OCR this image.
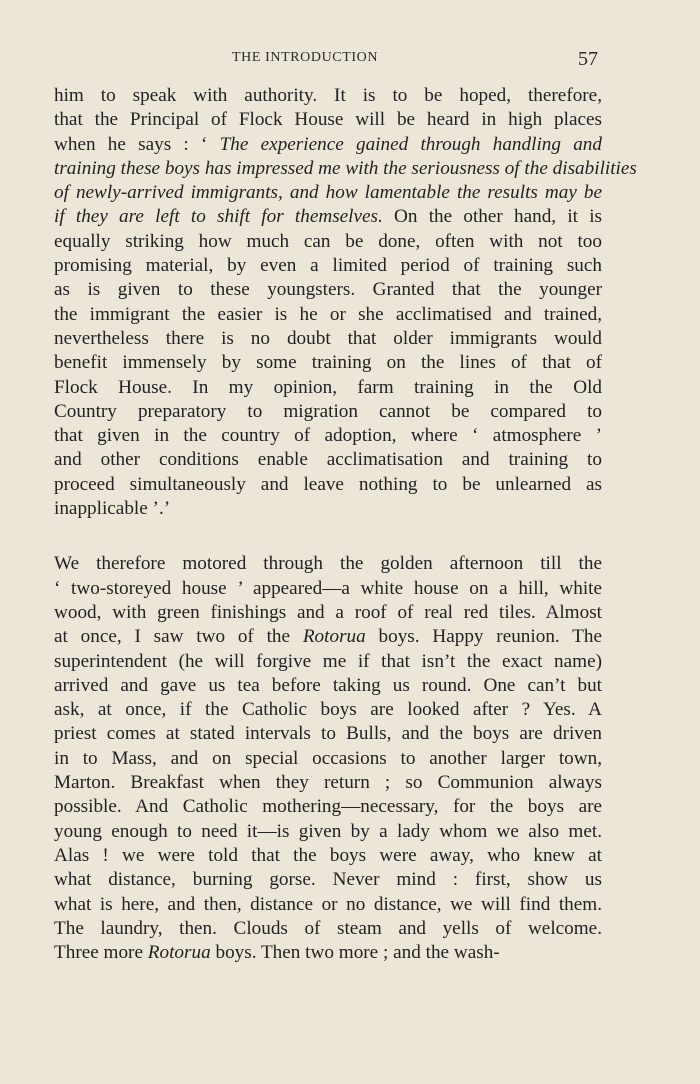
THE INTRODUCTION	57
him to speak with authority. It is to be hoped, therefore,
that the Principal of Flock House will be heard in high places
when he says : ‘ The experience gained through handling and
training these boys has impressed me with the seriousness of the disabilities
of newly-arrived immigrants, and how lamentable the results may be
if they are left to shift for themselves. On the other hand, it is
equally striking how much can be done, often with not too
promising material, by even a limited period of training such
as is given to these youngsters. Granted that the younger
the immigrant the easier is he or she acclimatised and trained,
nevertheless there is no doubt that older immigrants would
benefit immensely by some training on the lines of that of
Flock House. In my opinion, farm training in the Old
Country preparatory to migration cannot be compared to
that given in the country of adoption, where ‘ atmosphere ’
and other conditions enable acclimatisation and training to
proceed simultaneously and leave nothing to be unlearned as
inapplicable ’.’
We therefore motored through the golden afternoon till the
‘ two-storeyed house ’ appeared—a white house on a hill, white
wood, with green finishings and a roof of real red tiles. Almost
at once, I saw two of the Rotorua boys. Happy reunion. The
superintendent (he will forgive me if that isn’t the exact name)
arrived and gave us tea before taking us round. One can’t but
ask, at once, if the Catholic boys are looked after ? Yes. A
priest comes at stated intervals to Bulls, and the boys are driven
in to Mass, and on special occasions to another larger town,
Marton. Breakfast when they return ; so Communion always
possible. And Catholic mothering—necessary, for the boys are
young enough to need it—is given by a lady whom we also met.
Alas ! we were told that the boys were away, who knew at
what distance, burning gorse. Never mind : first, show us
what is here, and then, distance or no distance, we will find them.
The laundry, then. Clouds of steam and yells of welcome.
Three more Rotorua boys. Then two more ; and the wash-
